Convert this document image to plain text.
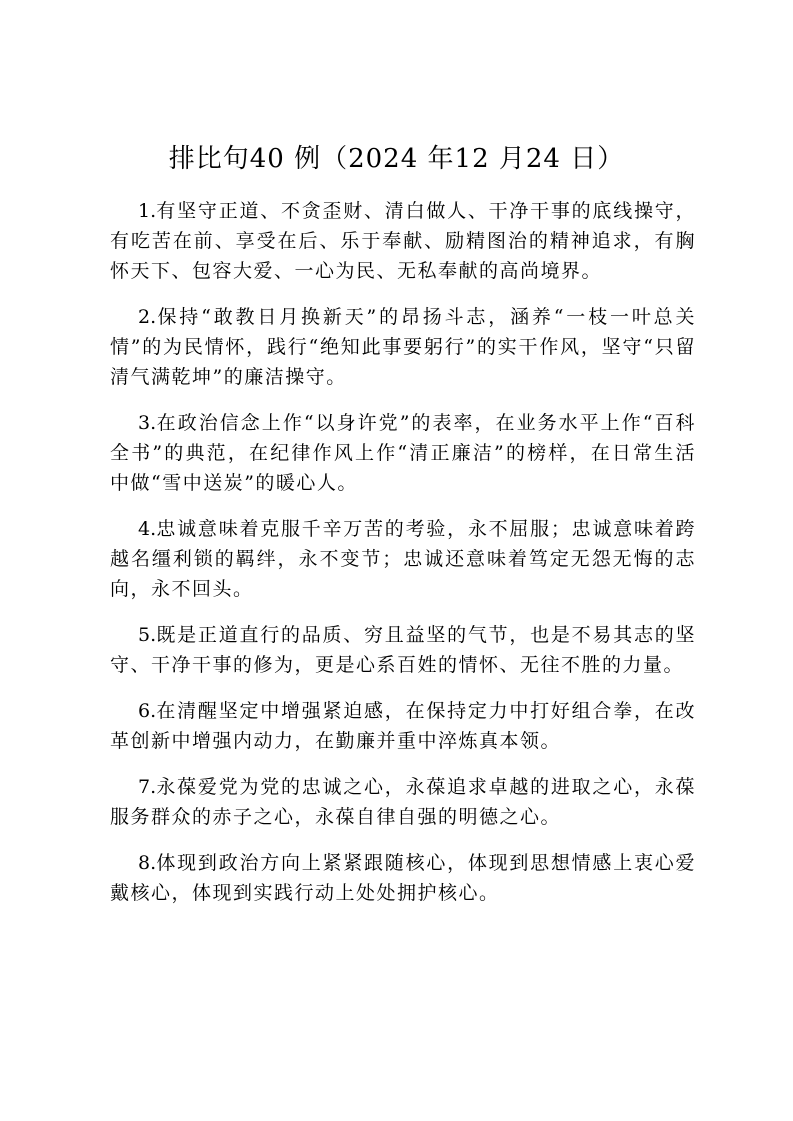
排比句40 例（2024 年12 月24 日）

1.有坚守正道、不贪歪财、清白做人、干净干事的底线操守，有吃苦在前、享受在后、乐于奉献、励精图治的精神追求，有胸怀天下、包容大爱、一心为民、无私奉献的高尚境界。

2.保持“敢教日月换新天”的昂扬斗志，涵养“一枝一叶总关情”的为民情怀，践行“绝知此事要躬行”的实干作风，坚守“只留清气满乾坤”的廉洁操守。

3.在政治信念上作“以身许党”的表率，在业务水平上作“百科全书”的典范，在纪律作风上作“清正廉洁”的榜样，在日常生活中做“雪中送炭”的暖心人。

4.忠诚意味着克服千辛万苦的考验，永不屈服；忠诚意味着跨越名缰利锁的羁绊，永不变节；忠诚还意味着笃定无怨无悔的志向，永不回头。

5.既是正道直行的品质、穷且益坚的气节，也是不易其志的坚守、干净干事的修为，更是心系百姓的情怀、无往不胜的力量。

6.在清醒坚定中增强紧迫感，在保持定力中打好组合拳，在改革创新中增强内动力，在勤廉并重中淬炼真本领。

7.永葆爱党为党的忠诚之心，永葆追求卓越的进取之心，永葆服务群众的赤子之心，永葆自律自强的明德之心。

8.体现到政治方向上紧紧跟随核心，体现到思想情感上衷心爱戴核心，体现到实践行动上处处拥护核心。
